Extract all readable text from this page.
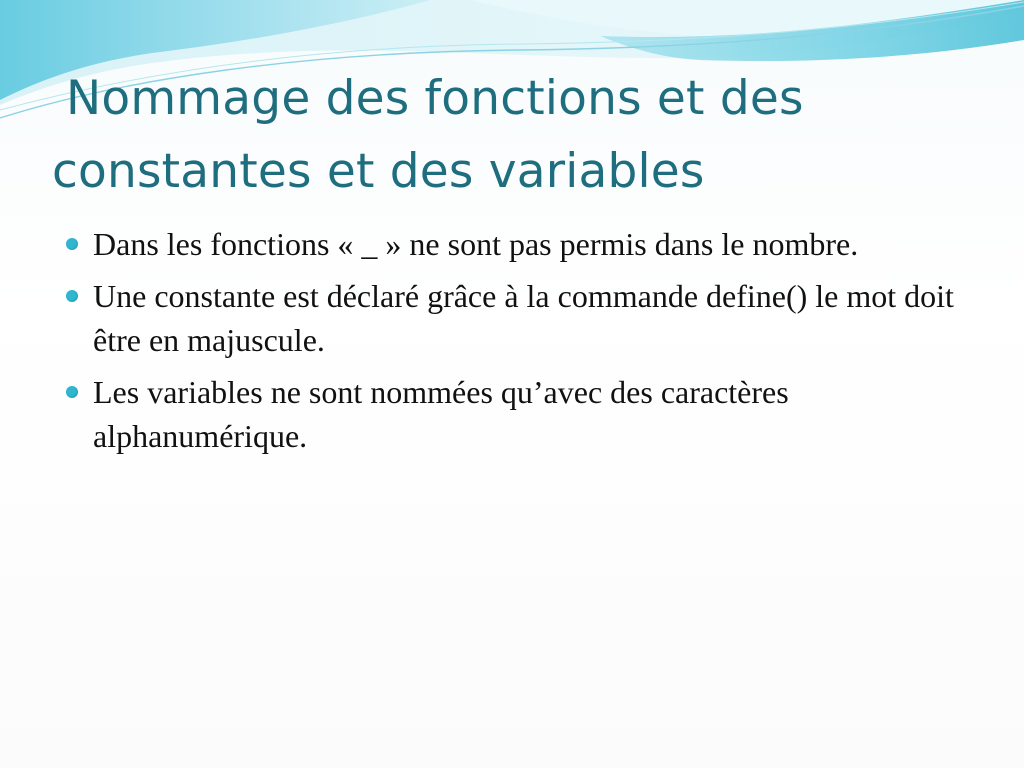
Nommage des fonctions et des
constantes et des variables
Dans les fonctions « _ » ne sont pas permis dans le nombre.
Une constante est déclaré grâce à la commande define() le mot doit être en majuscule.
Les variables ne sont nommées qu’avec des caractères alphanumérique.
